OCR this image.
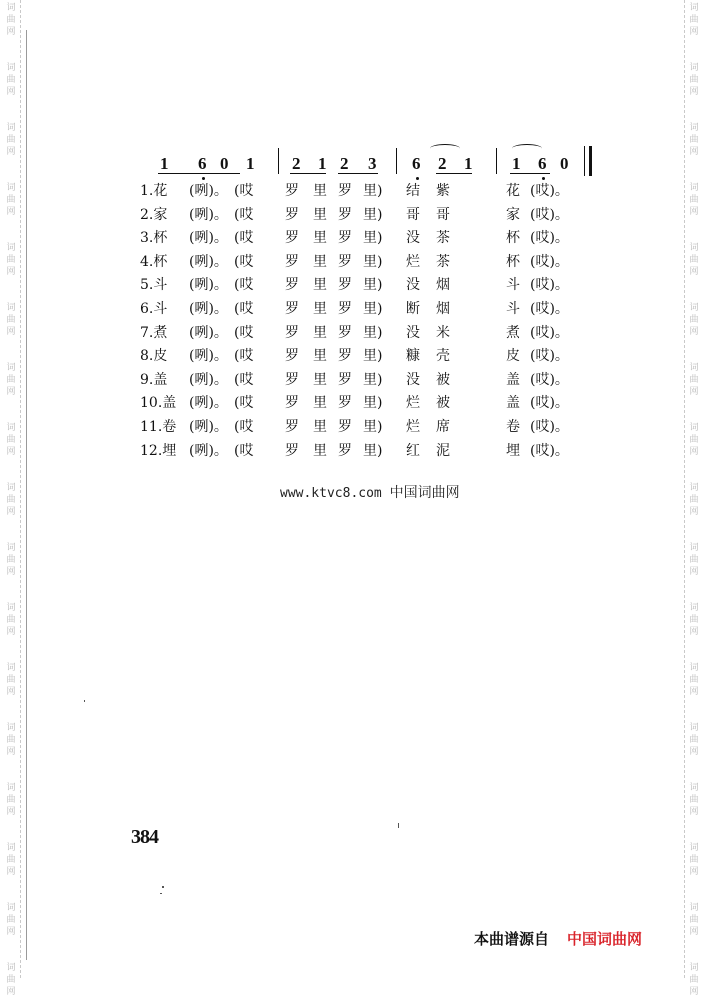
词
曲
网
词
曲
网
词
曲
网
词
曲
网
词
曲
网
词
曲
网
词
曲
网
词
曲
网
词
曲
网
词
曲
网
词
曲
网
词
曲
网
词
曲
网
词
曲
网
词
曲
网
词
曲
网
词
曲
网
词
曲
网
词
曲
网
词
曲
网
词
曲
网
词
曲
网
词
曲
网
词
曲
网
词
曲
网
词
曲
网
词
曲
网
词
曲
网
词
曲
网
词
曲
网
词
曲
网
词
曲
网
词
曲
网
词
曲
网
1 6 0 1 2 1 2 3 6 2 1 1 6 0
1.花 (咧)。 (哎 罗 里 罗 里) 结 紫	花 (哎)。
2.家 (咧)。 (哎 罗 里 罗 里) 哥 哥	家 (哎)。
3.杯 (咧)。 (哎 罗 里 罗 里) 没 茶	杯 (哎)。
4.杯 (咧)。 (哎 罗 里 罗 里) 烂 茶	杯 (哎)。
5.斗 (咧)。 (哎 罗 里 罗 里) 没 烟	斗 (哎)。
6.斗 (咧)。 (哎 罗 里 罗 里) 断 烟	斗 (哎)。
7.煮 (咧)。 (哎 罗 里 罗 里) 没 米	煮 (哎)。
8.皮 (咧)。 (哎 罗 里 罗 里) 糠 壳	皮 (哎)。
9.盖 (咧)。 (哎 罗 里 罗 里) 没 被	盖 (哎)。
10.盖 (咧)。 (哎 罗 里 罗 里) 烂 被	盖 (哎)。
11.卷 (咧)。 (哎 罗 里 罗 里) 烂 席	卷 (哎)。
12.埋 (咧)。 (哎 罗 里 罗 里) 红 泥	埋 (哎)。
www.ktvc8.com 中国词曲网
384
本曲谱源自 中国词曲网
